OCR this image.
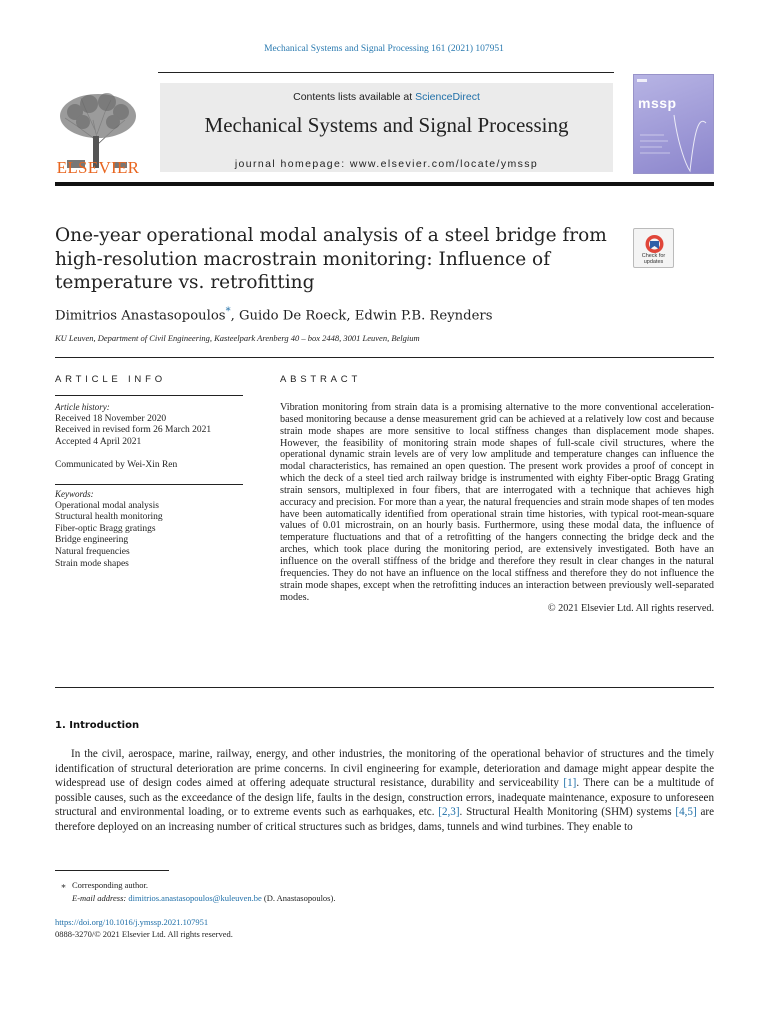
Mechanical Systems and Signal Processing 161 (2021) 107951
ELSEVIER
Contents lists available at ScienceDirect
Mechanical Systems and Signal Processing
journal homepage: www.elsevier.com/locate/ymssp
mssp
One-year operational modal analysis of a steel bridge from high-resolution macrostrain monitoring: Influence of temperature vs. retrofitting
Check for updates
Dimitrios Anastasopoulos*, Guido De Roeck, Edwin P.B. Reynders
KU Leuven, Department of Civil Engineering, Kasteelpark Arenberg 40 – box 2448, 3001 Leuven, Belgium
ARTICLE INFO	ABSTRACT
Article history:
Received 18 November 2020
Received in revised form 26 March 2021
Accepted 4 April 2021
Communicated by Wei-Xin Ren
Keywords:
Operational modal analysis
Structural health monitoring
Fiber-optic Bragg gratings
Bridge engineering
Natural frequencies
Strain mode shapes
Vibration monitoring from strain data is a promising alternative to the more conventional acceleration-based monitoring because a dense measurement grid can be achieved at a relatively low cost and because strain mode shapes are more sensitive to local stiffness changes than displacement mode shapes. However, the feasibility of monitoring strain mode shapes of full-scale civil structures, where the operational dynamic strain levels are of very low amplitude and temperature changes can influence the modal characteristics, has remained an open question. The present work provides a proof of concept in which the deck of a steel tied arch railway bridge is instrumented with eighty Fiber-optic Bragg Grating strain sensors, multiplexed in four fibers, that are interrogated with a technique that achieves high accuracy and precision. For more than a year, the natural frequencies and strain mode shapes of ten modes have been automatically identified from operational strain time histories, with typical root-mean-square values of 0.01 microstrain, on an hourly basis. Furthermore, using these modal data, the influence of temperature fluctuations and that of a retrofitting of the hangers connecting the bridge deck and the arches, which took place during the monitoring period, are extensively investigated. Both have an influence on the overall stiffness of the bridge and therefore they result in clear changes in the natural frequencies. They do not have an influence on the local stiffness and therefore they do not influence the strain mode shapes, except when the retrofitting induces an interaction between previously well-separated modes.
© 2021 Elsevier Ltd. All rights reserved.
1. Introduction
In the civil, aerospace, marine, railway, energy, and other industries, the monitoring of the operational behavior of structures and the timely identification of structural deterioration are prime concerns. In civil engineering for example, deterioration and damage might appear despite the widespread use of design codes aimed at offering adequate structural resistance, durability and serviceability [1]. There can be a multitude of possible causes, such as the exceedance of the design life, faults in the design, construction errors, inadequate maintenance, exposure to unforeseen structural and environmental loading, or to extreme events such as earhquakes, etc. [2,3]. Structural Health Monitoring (SHM) systems [4,5] are therefore deployed on an increasing number of critical structures such as bridges, dams, tunnels and wind turbines. They enable to
⁎ Corresponding author.
E-mail address: dimitrios.anastasopoulos@kuleuven.be (D. Anastasopoulos).
https://doi.org/10.1016/j.ymssp.2021.107951
0888-3270/© 2021 Elsevier Ltd. All rights reserved.
